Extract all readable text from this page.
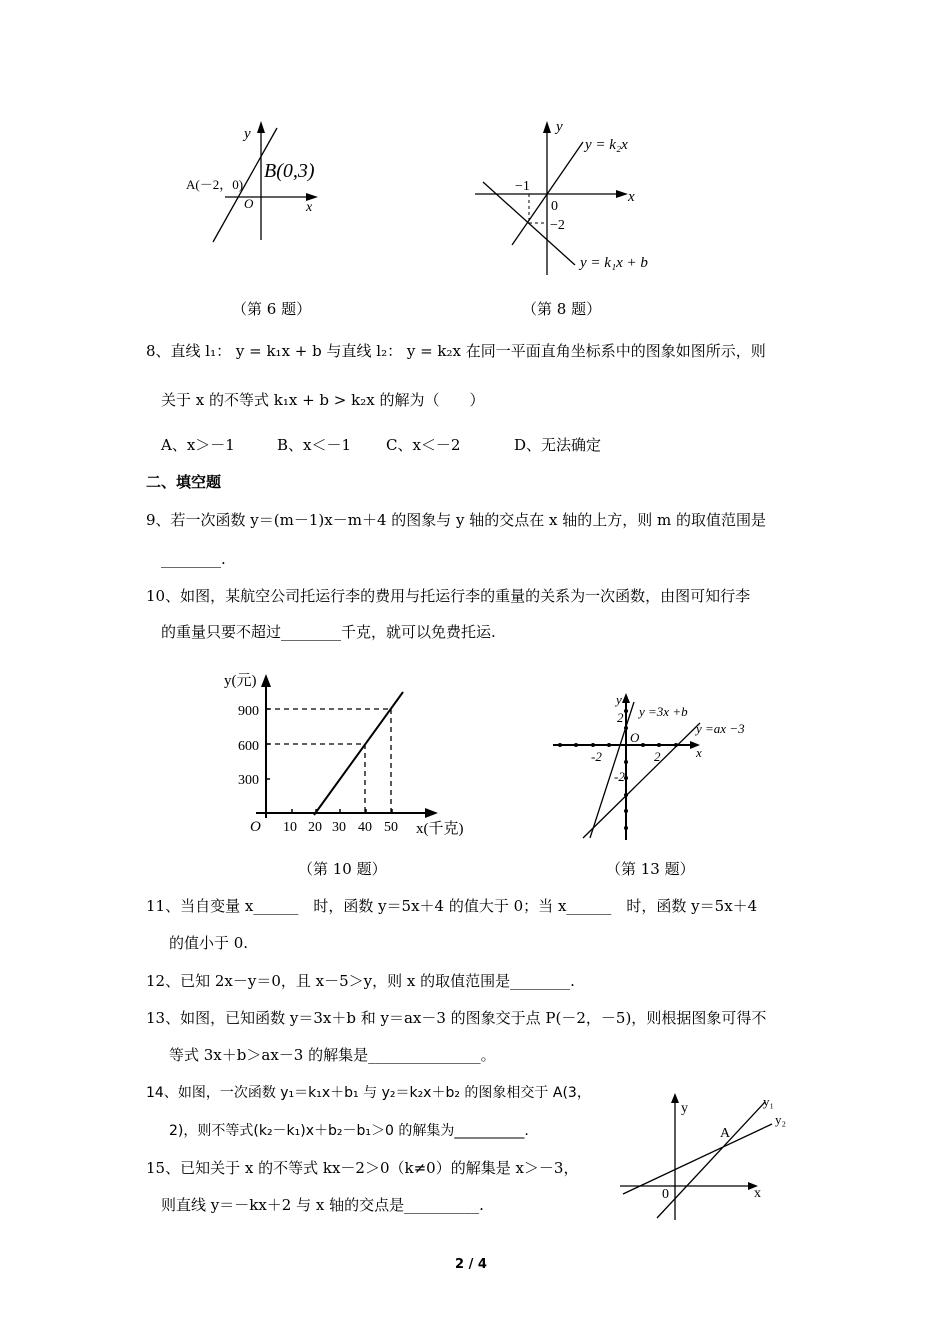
y
B(0,3)
A(－2，0)
O	x
（第 6 题）
y
y = k₂x
−1
x
0
−2
y = k₁x + b
（第 8 题）
8、直线 l₁： y = k₁x + b 与直线 l₂： y = k₂x 在同一平面直角坐标系中的图象如图所示，则
关于 x 的不等式 k₁x + b > k₂x 的解为（　　）
A、x＞－1	B、x＜－1 C、x＜－2	D、无法确定
二、填空题
9、若一次函数 y＝(m－1)x－m＋4 的图象与 y 轴的交点在 x 轴的上方，则 m 的取值范围是
________.
10、如图，某航空公司托运行李的费用与托运行李的重量的关系为一次函数，由图可知行李
的重量只要不超过________千克，就可以免费托运.
y(元)
900
600
300
O 10 20 30 40 50 x(千克)
（第 10 题）
y
y =3x +b
2
y =ax −3
O
x
-2	2
-2
（第 13 题）
11、当自变量 x______　时，函数 y＝5x＋4 的值大于 0；当 x______　时，函数 y＝5x＋4
的值小于 0.
12、已知 2x－y＝0，且 x－5＞y，则 x 的取值范围是________.
13、如图，已知函数 y＝3x＋b 和 y＝ax－3 的图象交于点 P(－2，－5)，则根据图象可得不
等式 3x＋b＞ax－3 的解集是_______________。
14、如图，一次函数 y₁＝k₁x＋b₁ 与 y₂＝k₂x＋b₂ 的图象相交于 A(3，
2)，则不等式(k₂－k₁)x＋b₂－b₁＞0 的解集为__________.
y	y₁
y₂
A
0	x
15、已知关于 x 的不等式 kx－2＞0（k≠0）的解集是 x＞－3，
则直线 y＝－kx＋2 与 x 轴的交点是__________.
2 / 4
